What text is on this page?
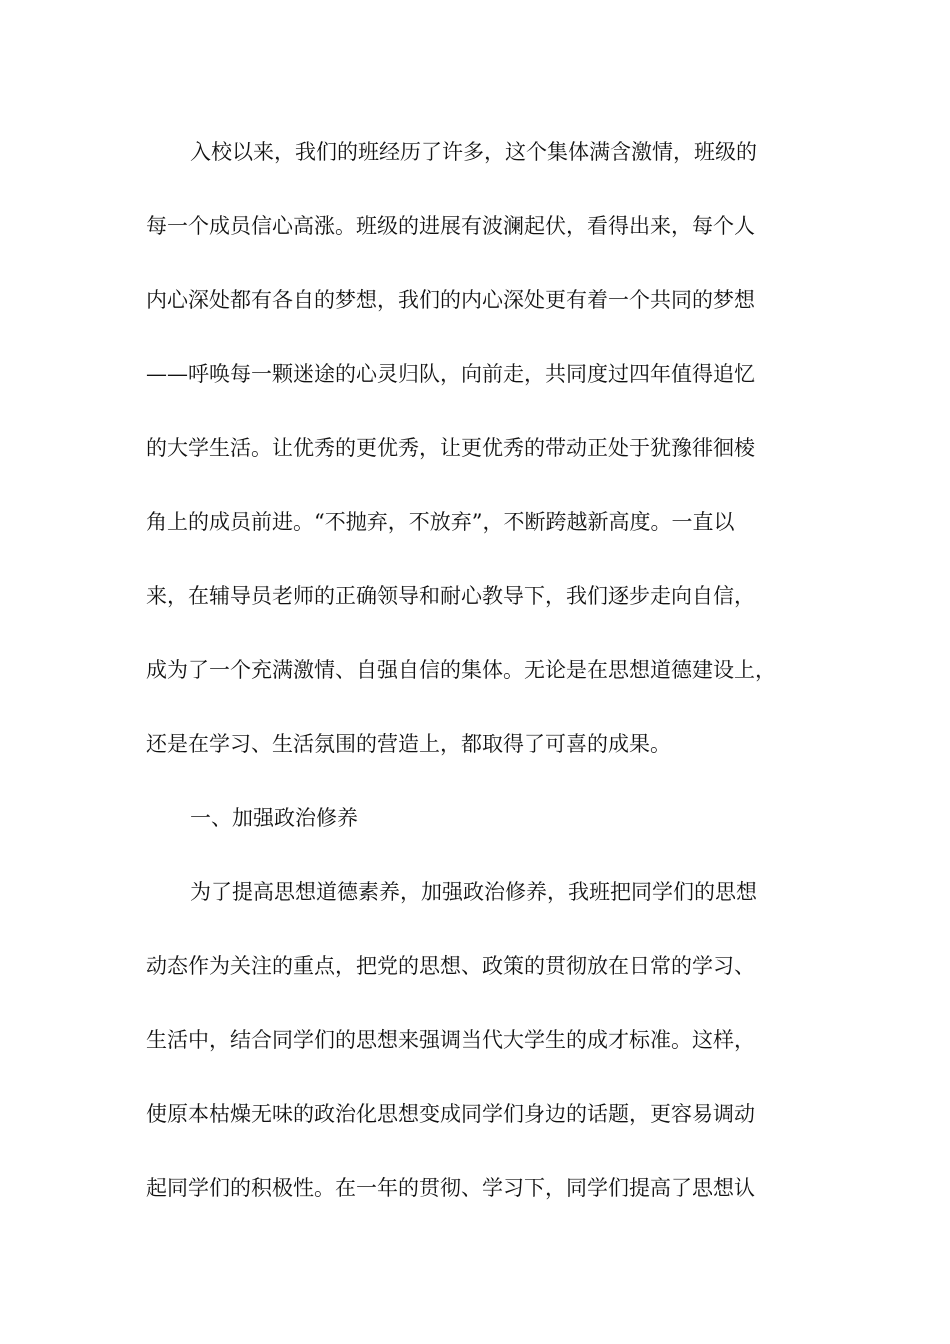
入校以来，我们的班经历了许多，这个集体满含激情，班级的
每一个成员信心高涨。班级的进展有波澜起伏，看得出来，每个人
内心深处都有各自的梦想，我们的内心深处更有着一个共同的梦想
——呼唤每一颗迷途的心灵归队，向前走，共同度过四年值得追忆
的大学生活。让优秀的更优秀，让更优秀的带动正处于犹豫徘徊棱
角上的成员前进。“不抛弃，不放弃”，不断跨越新高度。一直以
来，在辅导员老师的正确领导和耐心教导下，我们逐步走向自信，
成为了一个充满激情、自强自信的集体。无论是在思想道德建设上，
还是在学习、生活氛围的营造上，都取得了可喜的成果。
一、加强政治修养
为了提高思想道德素养，加强政治修养，我班把同学们的思想
动态作为关注的重点，把党的思想、政策的贯彻放在日常的学习、
生活中，结合同学们的思想来强调当代大学生的成才标准。这样，
使原本枯燥无味的政治化思想变成同学们身边的话题，更容易调动
起同学们的积极性。在一年的贯彻、学习下，同学们提高了思想认
